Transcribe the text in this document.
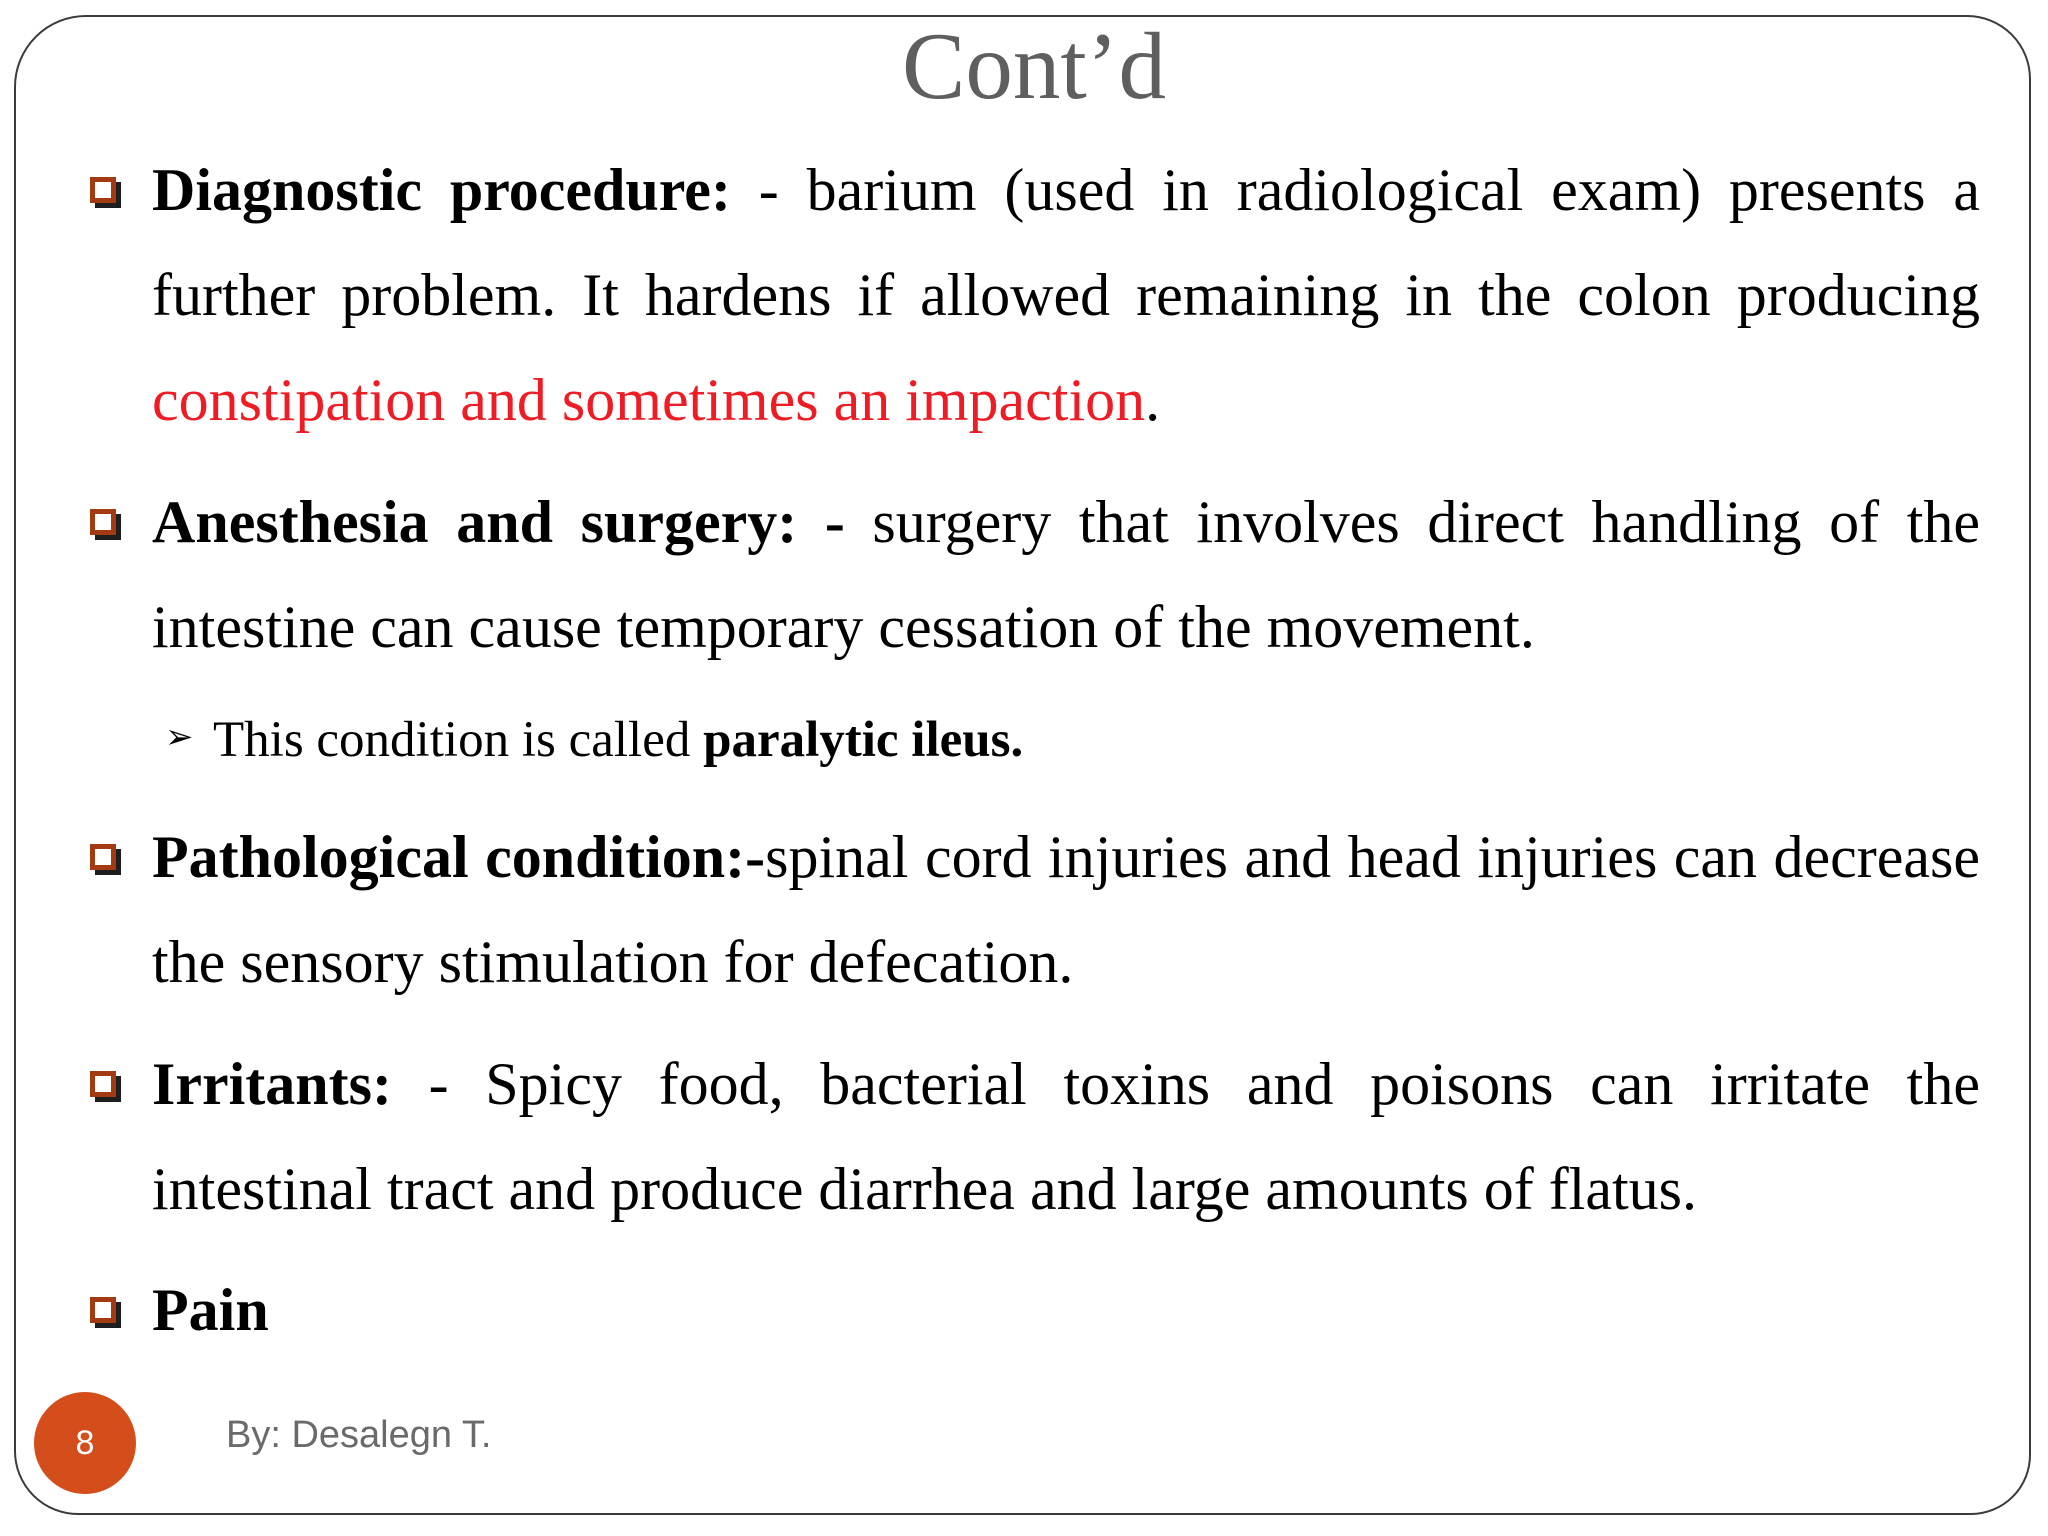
Cont’d
Diagnostic procedure: - barium (used in radiological exam) presents a further problem. It hardens if allowed remaining in the colon producing constipation and sometimes an impaction.
Anesthesia and surgery: - surgery that involves direct handling of the intestine can cause temporary cessation of the movement.
➢ This condition is called paralytic ileus.
Pathological condition:-spinal cord injuries and head injuries can decrease the sensory stimulation for defecation.
Irritants: - Spicy food, bacterial toxins and poisons can irritate the intestinal tract and produce diarrhea and large amounts of flatus.
Pain
8	By: Desalegn T.
